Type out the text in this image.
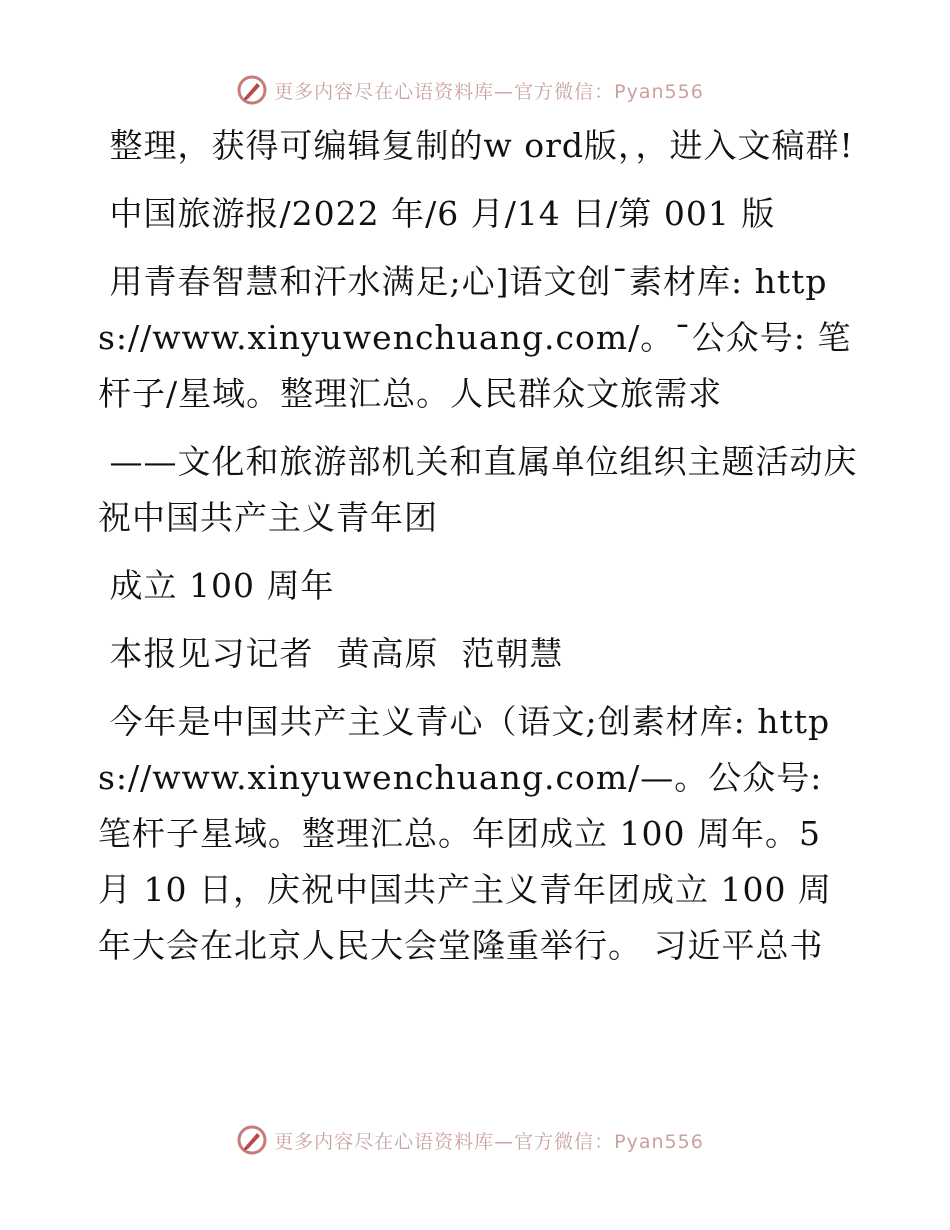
更多内容尽在心语资料库—官方微信：Pyan556

整理，获得可编辑复制的w ord版，，进入文稿群!

中国旅游报/2022 年/6 月/14 日/第 001 版

用青春智慧和汗水满足;心]语文创¯素材库: https://www.xinyuwenchuang.com/。¯公众号: 笔杆子/星域。整理汇总。人民群众文旅需求

——文化和旅游部机关和直属单位组织主题活动庆祝中国共产主义青年团

成立 100 周年

本报见习记者  黄高原  范朝慧

今年是中国共产主义青心（语文;创素材库: https://www.xinyuwenchuang.com/—。公众号: 笔杆子星域。整理汇总。年团成立 100 周年。5 月 10 日，庆祝中国共产主义青年团成立 100 周年大会在北京人民大会堂隆重举行。 习近平总书

更多内容尽在心语资料库—官方微信：Pyan556
